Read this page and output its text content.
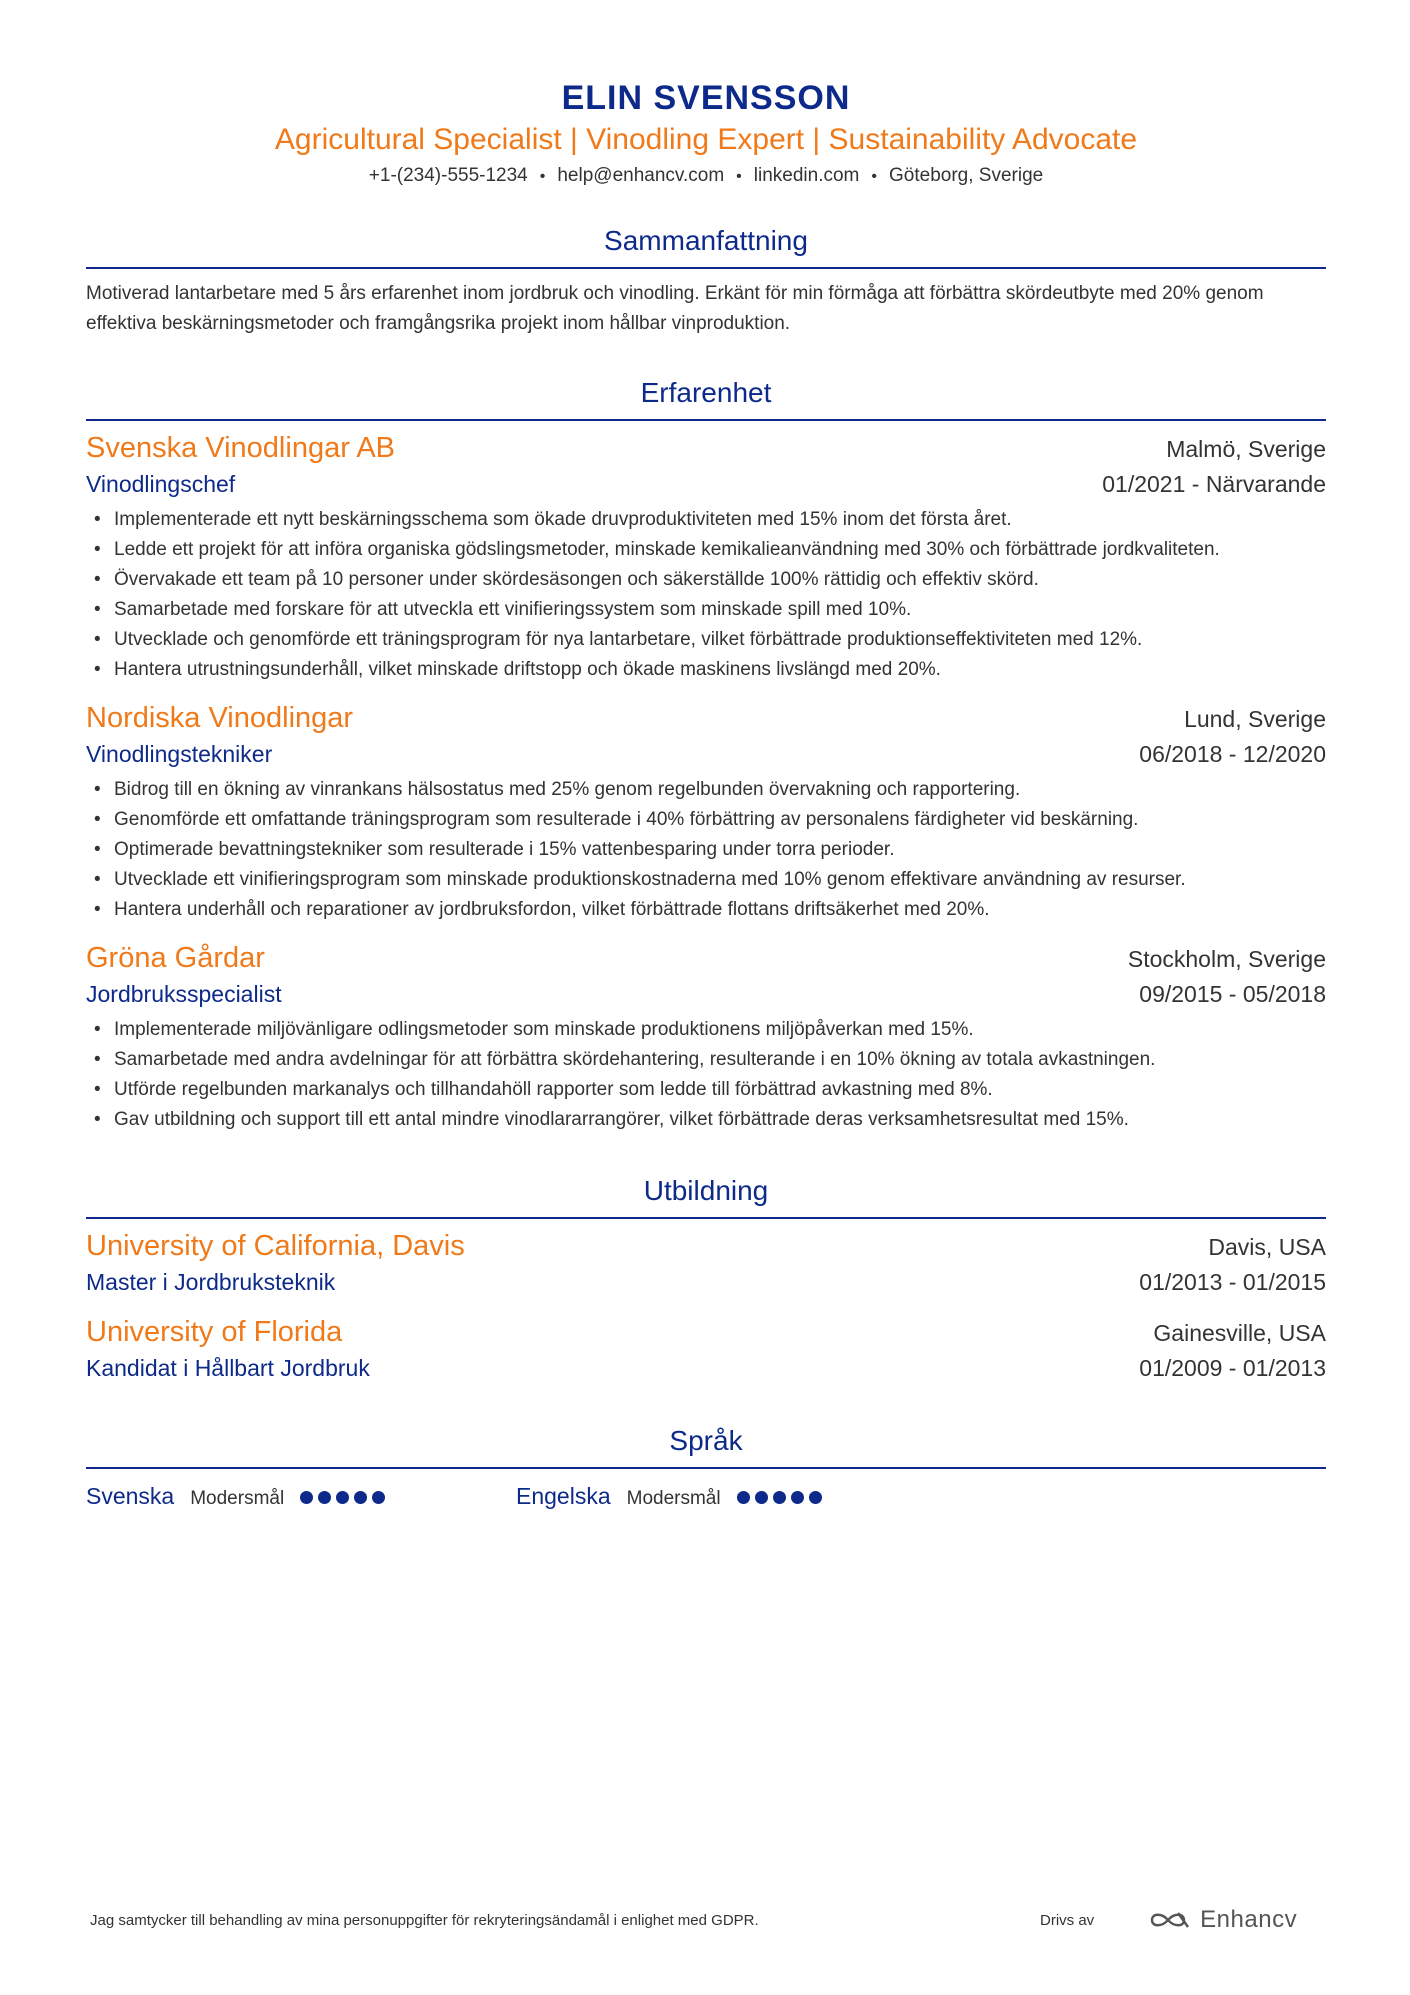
ELIN SVENSSON
Agricultural Specialist | Vinodling Expert | Sustainability Advocate
+1-(234)-555-1234 • help@enhancv.com • linkedin.com • Göteborg, Sverige
Sammanfattning
Motiverad lantarbetare med 5 års erfarenhet inom jordbruk och vinodling. Erkänt för min förmåga att förbättra skördeutbyte med 20% genom effektiva beskärningsmetoder och framgångsrika projekt inom hållbar vinproduktion.
Erfarenhet
Svenska Vinodlingar AB	Malmö, Sverige
Vinodlingschef	01/2021 - Närvarande
• Implementerade ett nytt beskärningsschema som ökade druvproduktiviteten med 15% inom det första året.
• Ledde ett projekt för att införa organiska gödslingsmetoder, minskade kemikalieanvändning med 30% och förbättrade jordkvaliteten.
• Övervakade ett team på 10 personer under skördesäsongen och säkerställde 100% rättidig och effektiv skörd.
• Samarbetade med forskare för att utveckla ett vinifieringssystem som minskade spill med 10%.
• Utvecklade och genomförde ett träningsprogram för nya lantarbetare, vilket förbättrade produktionseffektiviteten med 12%.
• Hantera utrustningsunderhåll, vilket minskade driftstopp och ökade maskinens livslängd med 20%.
Nordiska Vinodlingar	Lund, Sverige
Vinodlingstekniker	06/2018 - 12/2020
• Bidrog till en ökning av vinrankans hälsostatus med 25% genom regelbunden övervakning och rapportering.
• Genomförde ett omfattande träningsprogram som resulterade i 40% förbättring av personalens färdigheter vid beskärning.
• Optimerade bevattningstekniker som resulterade i 15% vattenbesparing under torra perioder.
• Utvecklade ett vinifieringsprogram som minskade produktionskostnaderna med 10% genom effektivare användning av resurser.
• Hantera underhåll och reparationer av jordbruksfordon, vilket förbättrade flottans driftsäkerhet med 20%.
Gröna Gårdar	Stockholm, Sverige
Jordbruksspecialist	09/2015 - 05/2018
• Implementerade miljövänligare odlingsmetoder som minskade produktionens miljöpåverkan med 15%.
• Samarbetade med andra avdelningar för att förbättra skördehantering, resulterande i en 10% ökning av totala avkastningen.
• Utförde regelbunden markanalys och tillhandahöll rapporter som ledde till förbättrad avkastning med 8%.
• Gav utbildning och support till ett antal mindre vinodlararrangörer, vilket förbättrade deras verksamhetsresultat med 15%.
Utbildning
University of California, Davis	Davis, USA
Master i Jordbruksteknik	01/2013 - 01/2015
University of Florida	Gainesville, USA
Kandidat i Hållbart Jordbruk	01/2009 - 01/2013
Språk
Svenska Modersmål	Engelska Modersmål
Jag samtycker till behandling av mina personuppgifter för rekryteringsändamål i enlighet med GDPR.	Drivs av	Enhancv
